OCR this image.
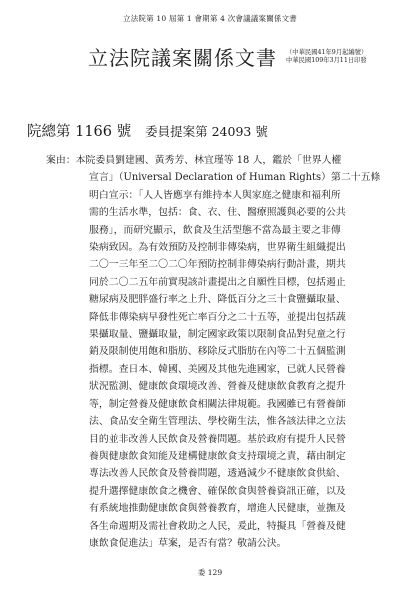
立法院第 10 屆第 1 會期第 4 次會議議案關係文書
立法院議案關係文書 （中華民國41年9月起編號）
中華民國109年3月11日印發
院總第 1166 號 委員提案第 24093 號
案由：本院委員劉建國、黃秀芳、林宜瑾等 18 人，鑑於「世界人權
宣言」（Universal Declaration of Human Rights）第二十五條
明白宣示：「人人皆應享有維持本人與家庭之健康和福利所
需的生活水準，包括：食、衣、住、醫療照護與必要的公共
服務」，而研究顯示，飲食及生活型態不當為最主要之非傳
染病致因。為有效預防及控制非傳染病，世界衛生組織提出
二〇一三年至二〇二〇年預防控制非傳染病行動計畫，期共
同於二〇二五年前實現該計畫提出之自願性目標，包括遏止
糖尿病及肥胖盛行率之上升、降低百分之三十食鹽攝取量、
降低非傳染病早發性死亡率百分之二十五等，並提出包括蔬
果攝取量、鹽攝取量，制定國家政策以限制食品對兒童之行
銷及限制使用飽和脂肪、移除反式脂肪在內等二十五個監測
指標。查日本、韓國、美國及其他先進國家，已就人民營養
狀況監測、健康飲食環境改善、營養及健康飲食教育之提升
等，制定營養及健康飲食相關法律規範。我國雖已有營養師
法、食品安全衛生管理法、學校衛生法，惟各該法律之立法
目的並非改善人民飲食及營養問題。基於政府有提升人民營
養與健康飲食知能及建構健康飲食支持環境之責，藉由制定
專法改善人民飲食及營養問題，透過減少不健康飲食供給、
提升選擇健康飲食之機會、確保飲食與營養資訊正確，以及
有系統地推動健康飲食與營養教育，增進人民健康，並撫及
各生命週期及需社會救助之人民，爰此，特擬具「營養及健
康飲食促進法」草案，是否有當？敬請公決。
委 129
